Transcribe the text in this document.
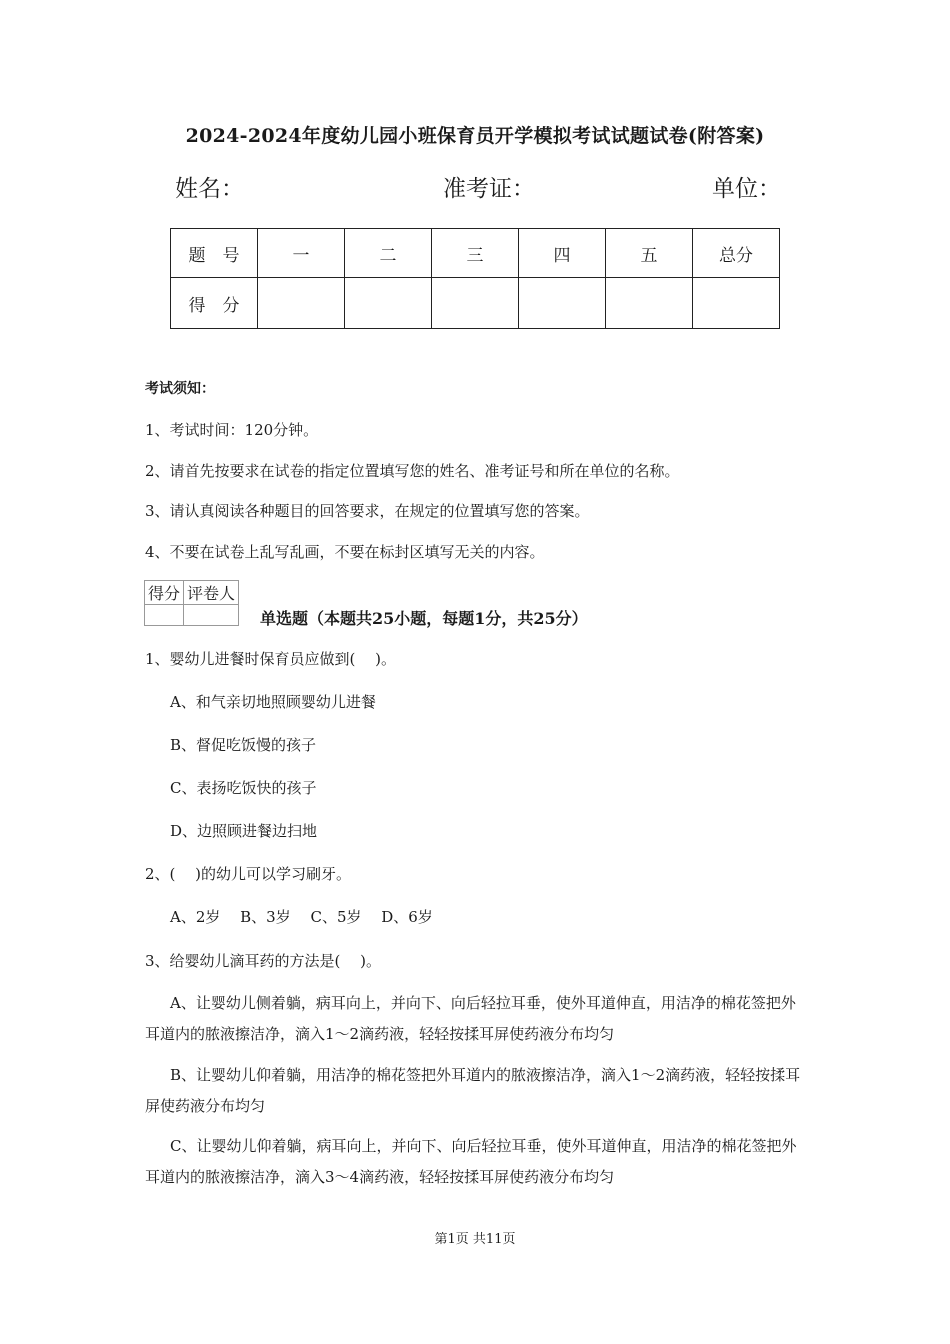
2024-2024年度幼儿园小班保育员开学模拟考试试题试卷(附答案)
姓名：	准考证：	单位：
题　号	一	二	三	四	五	总分
得　分						
考试须知：
1、考试时间：120分钟。
2、请首先按要求在试卷的指定位置填写您的姓名、准考证号和所在单位的名称。
3、请认真阅读各种题目的回答要求，在规定的位置填写您的答案。
4、不要在试卷上乱写乱画，不要在标封区填写无关的内容。
得分	评卷人

单选题（本题共25小题，每题1分，共25分）
1、婴幼儿进餐时保育员应做到(　 )。
A、和气亲切地照顾婴幼儿进餐
B、督促吃饭慢的孩子
C、表扬吃饭快的孩子
D、边照顾进餐边扫地
2、(　 )的幼儿可以学习刷牙。
A、2岁　 B、3岁　 C、5岁　 D、6岁
3、给婴幼儿滴耳药的方法是(　 )。
A、让婴幼儿侧着躺，病耳向上，并向下、向后轻拉耳垂，使外耳道伸直，用洁净的棉花签把外耳道内的脓液擦洁净，滴入1～2滴药液，轻轻按揉耳屏使药液分布均匀
B、让婴幼儿仰着躺，用洁净的棉花签把外耳道内的脓液擦洁净，滴入1～2滴药液，轻轻按揉耳屏使药液分布均匀
C、让婴幼儿仰着躺，病耳向上，并向下、向后轻拉耳垂，使外耳道伸直，用洁净的棉花签把外耳道内的脓液擦洁净，滴入3～4滴药液，轻轻按揉耳屏使药液分布均匀
第1页 共11页
